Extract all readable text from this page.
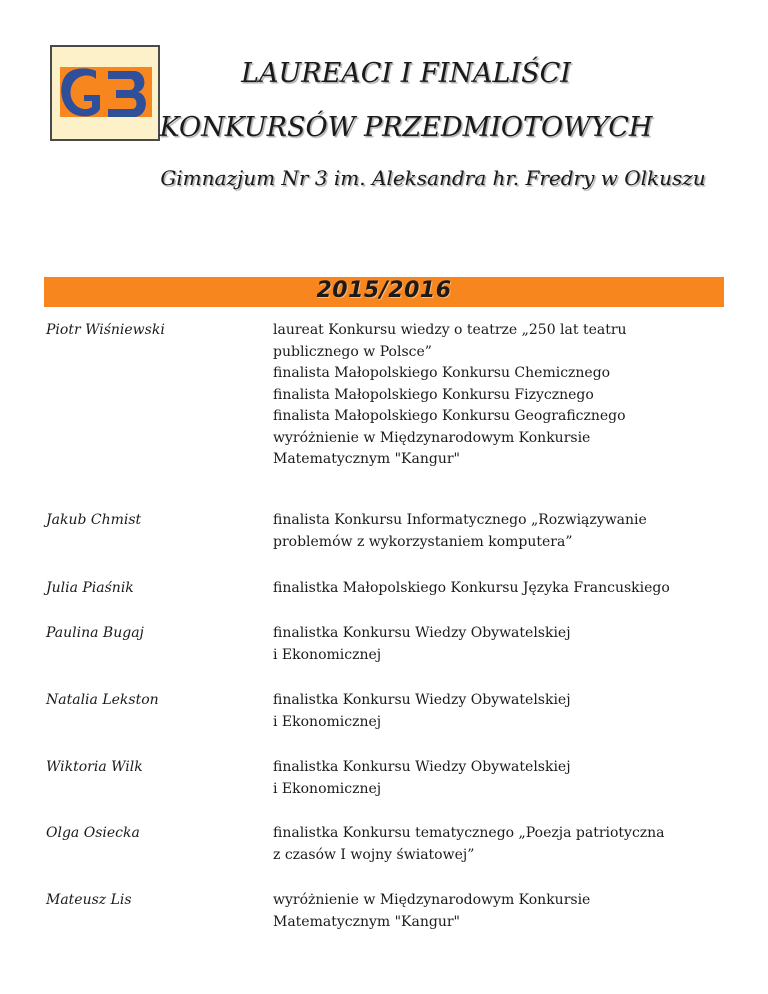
LAUREACI I FINALIŚCI
KONKURSÓW PRZEDMIOTOWYCH
Gimnazjum Nr 3 im. Aleksandra hr. Fredry w Olkuszu
2015/2016
Piotr Wiśniewski	laureat Konkursu wiedzy o teatrze „250 lat teatru
publicznego w Polsce”
finalista Małopolskiego Konkursu Chemicznego
finalista Małopolskiego Konkursu Fizycznego
finalista Małopolskiego Konkursu Geograficznego
wyróżnienie w Międzynarodowym Konkursie
Matematycznym "Kangur"
Jakub Chmist	finalista Konkursu Informatycznego „Rozwiązywanie
problemów z wykorzystaniem komputera”
Julia Piaśnik	finalistka Małopolskiego Konkursu Języka Francuskiego
Paulina Bugaj	finalistka Konkursu Wiedzy Obywatelskiej
i Ekonomicznej
Natalia Lekston	finalistka Konkursu Wiedzy Obywatelskiej
i Ekonomicznej
Wiktoria Wilk	finalistka Konkursu Wiedzy Obywatelskiej
i Ekonomicznej
Olga Osiecka	finalistka Konkursu tematycznego „Poezja patriotyczna
z czasów I wojny światowej”
Mateusz Lis	wyróżnienie w Międzynarodowym Konkursie
Matematycznym "Kangur"
